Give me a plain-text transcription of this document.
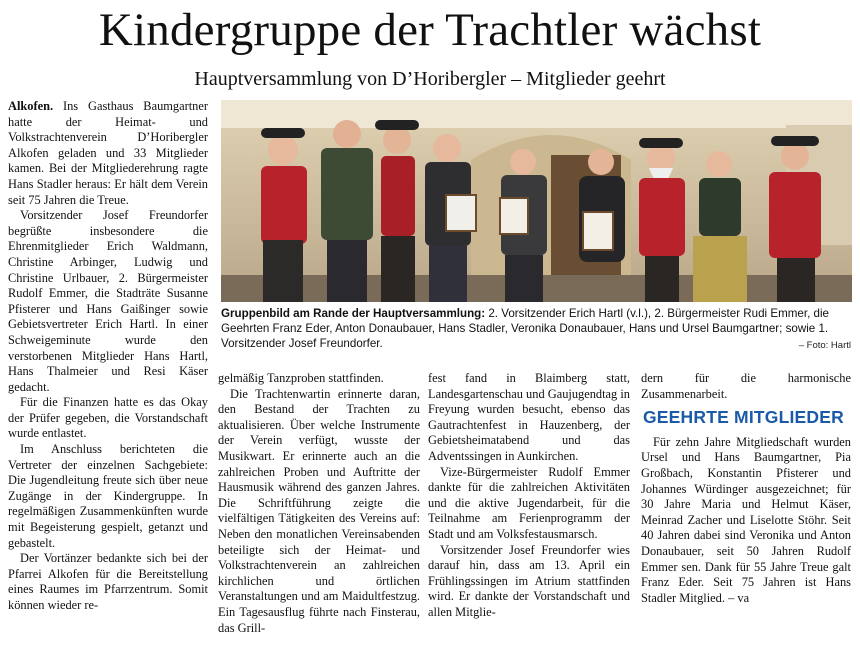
Kindergruppe der Trachtler wächst
Hauptversammlung von D’Horibergler – Mitglieder geehrt

Alkofen. Ins Gasthaus Baumgartner hatte der Heimat- und Volkstrachtenverein D’Horibergler Alkofen geladen und 33 Mitglieder kamen. Bei der Mitgliederehrung ragte Hans Stadler heraus: Er hält dem Verein seit 75 Jahren die Treue.

Vorsitzender Josef Freundorfer begrüßte insbesondere die Ehrenmitglieder Erich Waldmann, Christine Arbinger, Ludwig und Christine Urlbauer, 2. Bürgermeister Rudolf Emmer, die Stadträte Susanne Pfisterer und Hans Gaißinger sowie Gebietsvertreter Erich Hartl. In einer Schweigeminute wurde den verstorbenen Mitglieder Hans Hartl, Hans Thalmeier und Resi Käser gedacht.

Für die Finanzen hatte es das Okay der Prüfer gegeben, die Vorstandschaft wurde entlastet.

Im Anschluss berichteten die Vertreter der einzelnen Sachgebiete: Die Jugendleitung freute sich über neue Zugänge in der Kindergruppe. In regelmäßigen Zusammenkünften wurde mit Begeisterung gespielt, getanzt und gebastelt.

Der Vortänzer bedankte sich bei der Pfarrei Alkofen für die Bereitstellung eines Raumes im Pfarrzentrum. Somit können wieder re-

Gruppenbild am Rande der Hauptversammlung: 2. Vorsitzender Erich Hartl (v.l.), 2. Bürgermeister Rudi Emmer, die Geehrten Franz Eder, Anton Donaubauer, Hans Stadler, Veronika Donaubauer, Hans und Ursel Baumgartner; sowie 1. Vorsitzender Josef Freundorfer.	– Foto: Hartl

gelmäßig Tanzproben stattfinden.

Die Trachtenwartin erinnerte daran, den Bestand der Trachten zu aktualisieren. Über welche Instrumente der Verein verfügt, wusste der Musikwart. Er erinnerte auch an die zahlreichen Proben und Auftritte der Hausmusik während des ganzen Jahres. Die Schriftführung zeigte die vielfältigen Tätigkeiten des Vereins auf: Neben den monatlichen Vereinsabenden beteiligte sich der Heimat- und Volkstrachtenverein an zahlreichen kirchlichen und örtlichen Veranstaltungen und am Maidultfestzug. Ein Tagesausflug führte nach Finsterau, das Grill-

fest fand in Blaimberg statt, Landesgartenschau und Gaujugendtag in Freyung wurden besucht, ebenso das Gautrachtenfest in Hauzenberg, der Gebietsheimatabend und das Adventssingen in Aunkirchen.

Vize-Bürgermeister Rudolf Emmer dankte für die zahlreichen Aktivitäten und die aktive Jugendarbeit, für die Teilnahme am Ferienprogramm der Stadt und am Volksfestausmarsch.

Vorsitzender Josef Freundorfer wies darauf hin, dass am 13. April ein Frühlingssingen im Atrium stattfinden wird. Er dankte der Vorstandschaft und allen Mitglie-

dern für die harmonische Zusammenarbeit.

GEEHRTE MITGLIEDER

Für zehn Jahre Mitgliedschaft wurden Ursel und Hans Baumgartner, Pia Großbach, Konstantin Pfisterer und Johannes Würdinger ausgezeichnet; für 30 Jahre Maria und Helmut Käser, Meinrad Zacher und Liselotte Stöhr. Seit 40 Jahren dabei sind Veronika und Anton Donaubauer, seit 50 Jahren Rudolf Emmer sen. Dank für 55 Jahre Treue galt Franz Eder. Seit 75 Jahren ist Hans Stadler Mitglied. – va
